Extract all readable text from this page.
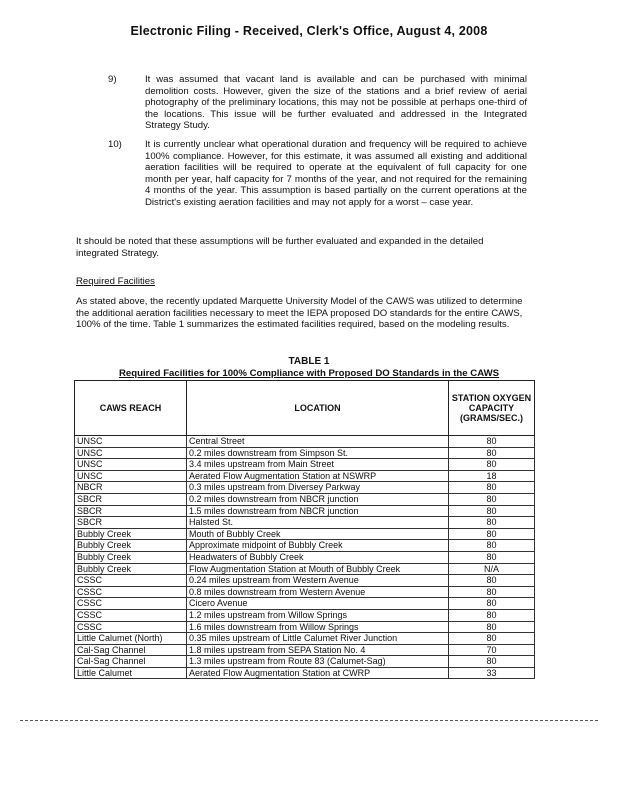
Electronic Filing - Received, Clerk's Office, August 4, 2008
9)	It was assumed that vacant land is available and can be purchased with minimal demolition costs. However, given the size of the stations and a brief review of aerial photography of the preliminary locations, this may not be possible at perhaps one-third of the locations. This issue will be further evaluated and addressed in the Integrated Strategy Study.
10)	It is currently unclear what operational duration and frequency will be required to achieve 100% compliance. However, for this estimate, it was assumed all existing and additional aeration facilities will be required to operate at the equivalent of full capacity for one month per year, half capacity for 7 months of the year, and not required for the remaining 4 months of the year. This assumption is based partially on the current operations at the District's existing aeration facilities and may not apply for a worst – case year.
It should be noted that these assumptions will be further evaluated and expanded in the detailed integrated Strategy.
Required Facilities
As stated above, the recently updated Marquette University Model of the CAWS was utilized to determine the additional aeration facilities necessary to meet the IEPA proposed DO standards for the entire CAWS, 100% of the time. Table 1 summarizes the estimated facilities required, based on the modeling results.
TABLE 1
Required Facilities for 100% Compliance with Proposed DO Standards in the CAWS
CAWS REACH	LOCATION	STATION OXYGEN CAPACITY (GRAMS/SEC.)
UNSC	Central Street	80
UNSC	0.2 miles downstream from Simpson St.	80
UNSC	3.4 miles upstream from Main Street	80
UNSC	Aerated Flow Augmentation Station at NSWRP	18
NBCR	0.3 miles upstream from Diversey Parkway	80
SBCR	0.2 miles downstream from NBCR junction	80
SBCR	1.5 miles downstream from NBCR junction	80
SBCR	Halsted St.	80
Bubbly Creek	Mouth of Bubbly Creek	80
Bubbly Creek	Approximate midpoint of Bubbly Creek	80
Bubbly Creek	Headwaters of Bubbly Creek	80
Bubbly Creek	Flow Augmentation Station at Mouth of Bubbly Creek	N/A
CSSC	0.24 miles upstream from Western Avenue	80
CSSC	0.8 miles downstream from Western Avenue	80
CSSC	Cicero Avenue	80
CSSC	1.2 miles upstream from Willow Springs	80
CSSC	1.6 miles downstream from Willow Springs	80
Little Calumet (North)	0.35 miles upstream of Little Calumet River Junction	80
Cal-Sag Channel	1.8 miles upstream from SEPA Station No. 4	70
Cal-Sag Channel	1.3 miles upstream from Route 83 (Calumet-Sag)	80
Little Calumet	Aerated Flow Augmentation Station at CWRP	33
